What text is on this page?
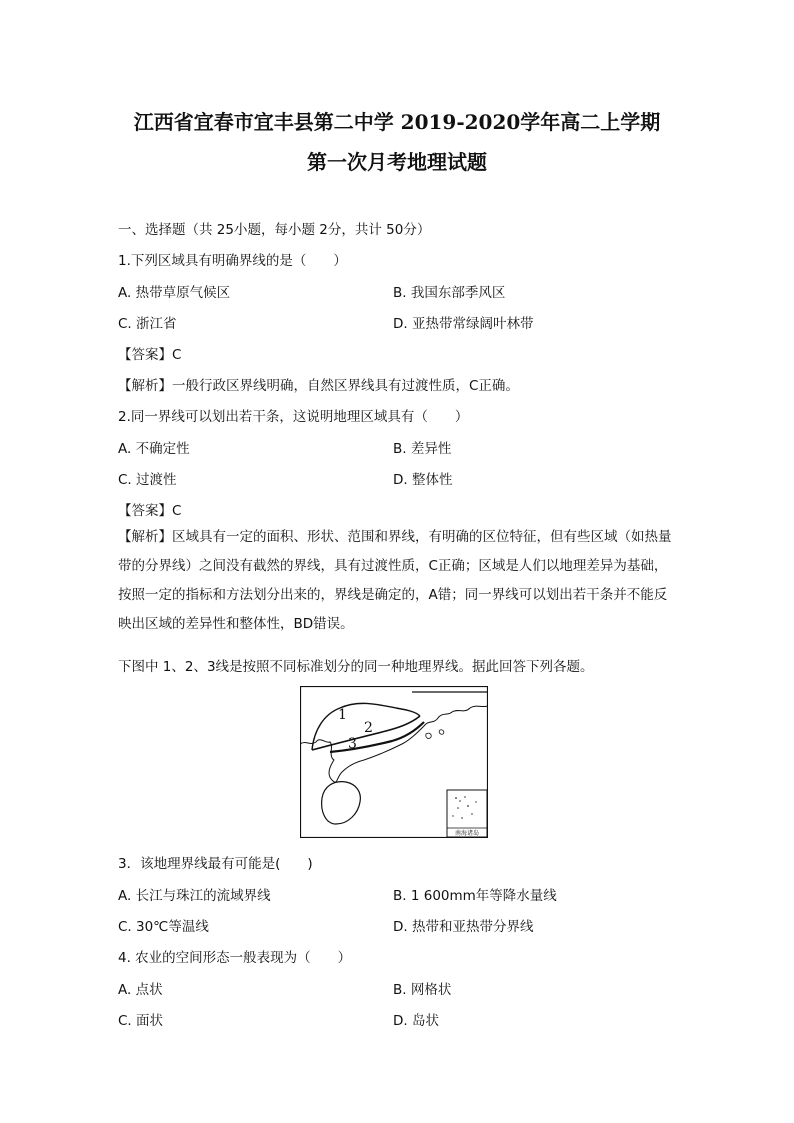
江西省宜春市宜丰县第二中学 2019-2020学年高二上学期
第一次月考地理试题
一、选择题（共 25小题，每小题 2分，共计 50分）
1.下列区域具有明确界线的是（　　）
A. 热带草原气候区	B. 我国东部季风区
C. 浙江省	D. 亚热带常绿阔叶林带
【答案】C
【解析】一般行政区界线明确，自然区界线具有过渡性质，C正确。
2.同一界线可以划出若干条，这说明地理区域具有（　　）
A. 不确定性	B. 差异性
C. 过渡性	D. 整体性
【答案】C
【解析】区域具有一定的面积、形状、范围和界线，有明确的区位特征，但有些区域（如热量带的分界线）之间没有截然的界线，具有过渡性质，C正确；区域是人们以地理差异为基础，按照一定的指标和方法划分出来的，界线是确定的，A错；同一界线可以划出若干条并不能反映出区域的差异性和整体性，BD错误。
下图中 1、2、3线是按照不同标准划分的同一种地理界线。据此回答下列各题。
1
2
3
南海诸岛
3．该地理界线最有可能是(　　)
A. 长江与珠江的流域界线	B. 1 600mm年等降水量线
C. 30℃等温线	D. 热带和亚热带分界线
4. 农业的空间形态一般表现为（　　）
A. 点状	B. 网格状
C. 面状	D. 岛状
